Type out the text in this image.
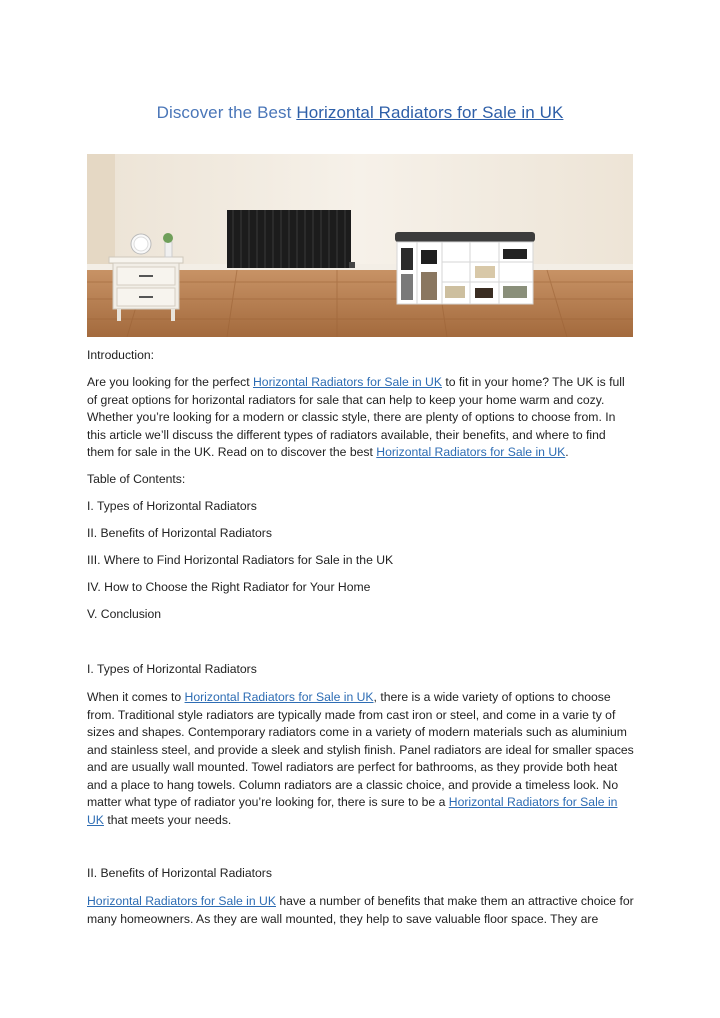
Discover the Best Horizontal Radiators for Sale in UK
Introduction:
Are you looking for the perfect Horizontal Radiators for Sale in UK to fit in your home? The UK is full of great options for horizontal radiators for sale that can help to keep your home warm and cozy. Whether you’re looking for a modern or classic style, there are plenty of options to choose from. In this article we’ll discuss the different types of radiators available, their benefits, and where to find them for sale in the UK. Read on to discover the best Horizontal Radiators for Sale in UK.
Table of Contents:
I. Types of Horizontal Radiators
II. Benefits of Horizontal Radiators
III. Where to Find Horizontal Radiators for Sale in the UK
IV. How to Choose the Right Radiator for Your Home
V. Conclusion
I. Types of Horizontal Radiators
When it comes to Horizontal Radiators for Sale in UK, there is a wide variety of options to choose from. Traditional style radiators are typically made from cast iron or steel, and come in a varie ty of sizes and shapes. Contemporary radiators come in a variety of modern materials such as aluminium and stainless steel, and provide a sleek and stylish finish. Panel radiators are ideal for smaller spaces and are usually wall mounted. Towel radiators are perfect for bathrooms, as they provide both heat and a place to hang towels. Column radiators are a classic choice, and provide a timeless look. No matter what type of radiator you’re looking for, there is sure to be a Horizontal Radiators for Sale in UK that meets your needs.
II. Benefits of Horizontal Radiators
Horizontal Radiators for Sale in UK have a number of benefits that make them an attractive choice for many homeowners. As they are wall mounted, they help to save valuable floor space. They are
